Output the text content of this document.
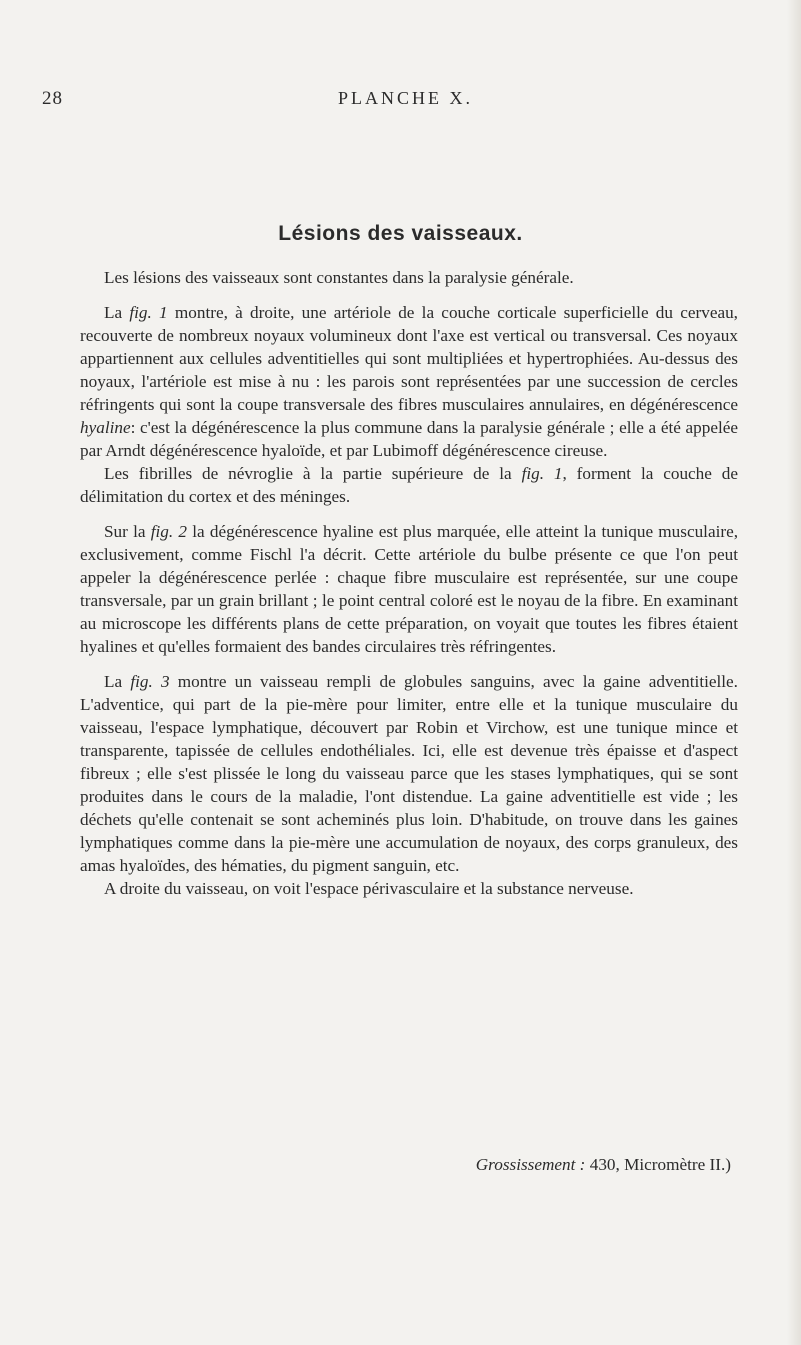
28	PLANCHE X.
Lésions des vaisseaux.

Les lésions des vaisseaux sont constantes dans la paralysie générale.

La fig. 1 montre, à droite, une artériole de la couche corticale superficielle du cerveau, recouverte de nombreux noyaux volumineux dont l'axe est vertical ou transversal. Ces noyaux appartiennent aux cellules adventitielles qui sont multipliées et hypertrophiées. Au-dessus des noyaux, l'artériole est mise à nu : les parois sont représentées par une succession de cercles réfringents qui sont la coupe transversale des fibres musculaires annulaires, en dégénérescence hyaline: c'est la dégénérescence la plus commune dans la paralysie générale ; elle a été appelée par Arndt dégénérescence hyaloïde, et par Lubimoff dégénérescence cireuse.

Les fibrilles de névroglie à la partie supérieure de la fig. 1, forment la couche de délimitation du cortex et des méninges.

Sur la fig. 2 la dégénérescence hyaline est plus marquée, elle atteint la tunique musculaire, exclusivement, comme Fischl l'a décrit. Cette artériole du bulbe présente ce que l'on peut appeler la dégénérescence perlée : chaque fibre musculaire est représentée, sur une coupe transversale, par un grain brillant ; le point central coloré est le noyau de la fibre. En examinant au microscope les différents plans de cette préparation, on voyait que toutes les fibres étaient hyalines et qu'elles formaient des bandes circulaires très réfringentes.

La fig. 3 montre un vaisseau rempli de globules sanguins, avec la gaine adventitielle. L'adventice, qui part de la pie-mère pour limiter, entre elle et la tunique musculaire du vaisseau, l'espace lymphatique, découvert par Robin et Virchow, est une tunique mince et transparente, tapissée de cellules endothéliales. Ici, elle est devenue très épaisse et d'aspect fibreux ; elle s'est plissée le long du vaisseau parce que les stases lymphatiques, qui se sont produites dans le cours de la maladie, l'ont distendue. La gaine adventitielle est vide ; les déchets qu'elle contenait se sont acheminés plus loin. D'habitude, on trouve dans les gaines lymphatiques comme dans la pie-mère une accumulation de noyaux, des corps granuleux, des amas hyaloïdes, des hématies, du pigment sanguin, etc.

A droite du vaisseau, on voit l'espace périvasculaire et la substance nerveuse.

Grossissement : 430, Micromètre II.)
